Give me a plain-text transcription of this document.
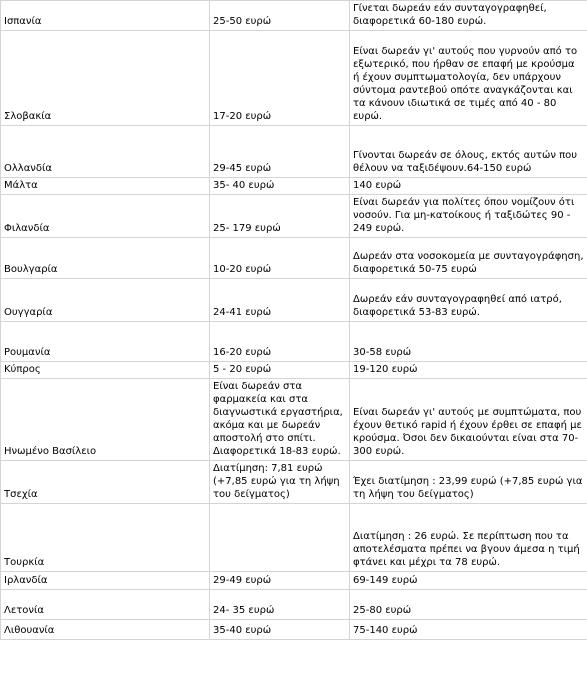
Ισπανία	25-50 ευρώ	Γίνεται δωρεάν εάν συνταγογραφηθεί, διαφορετικά 60-180 ευρώ.

Σλοβακία	17-20 ευρώ	Είναι δωρεάν γι' αυτούς που γυρνούν από το εξωτερικό, που ήρθαν σε επαφή με κρούσμα ή έχουν συμπτωματολογία, δεν υπάρχουν σύντομα ραντεβού οπότε αναγκάζονται και τα κάνουν ιδιωτικά σε τιμές από 40 - 80 ευρώ.

Ολλανδία	29-45 ευρώ	Γίνονται δωρεάν σε όλους, εκτός αυτών που θέλουν να ταξιδέψουν.64-150 ευρώ

Μάλτα	35- 40 ευρώ	140 ευρώ

Φιλανδία	25- 179 ευρώ	Είναι δωρεάν για πολίτες όπου νομίζουν ότι νοσούν. Για μη-κατοίκους ή ταξιδώτες 90 - 249 ευρώ.

Βουλγαρία	10-20 ευρώ	Δωρεάν στα νοσοκομεία με συνταγογράφηση, διαφορετικά 50-75 ευρώ

Ουγγαρία	24-41 ευρώ	Δωρεάν εάν συνταγογραφηθεί από ιατρό, διαφορετικά 53-83 ευρώ.

Ρουμανία	16-20 ευρώ	30-58 ευρώ

Κύπρος	5 - 20 ευρώ	19-120 ευρώ

Ηνωμένο Βασίλειο	Είναι δωρεάν στα φαρμακεία και στα διαγνωστικά εργαστήρια, ακόμα και με δωρεάν αποστολή στο σπίτι. Διαφορετικά 18-83 ευρώ.	Είναι δωρεάν γι' αυτούς με συμπτώματα, που έχουν θετικό rapid ή έχουν έρθει σε επαφή με κρούσμα. Όσοι δεν δικαιούνται είναι στα 70-300 ευρώ.

Τσεχία	Διατίμηση: 7,81 ευρώ (+7,85 ευρώ για τη λήψη του δείγματος)	Έχει διατίμηση : 23,99 ευρώ (+7,85 ευρώ για τη λήψη του δείγματος)

Τουρκία		Διατίμηση : 26 ευρώ. Σε περίπτωση που τα αποτελέσματα πρέπει να βγουν άμεσα η τιμή φτάνει και μέχρι τα 78 ευρώ.

Ιρλανδία	29-49 ευρώ	69-149 ευρώ

Λετονία	24- 35 ευρώ	25-80 ευρώ

Λιθουανία	35-40 ευρώ	75-140 ευρώ
